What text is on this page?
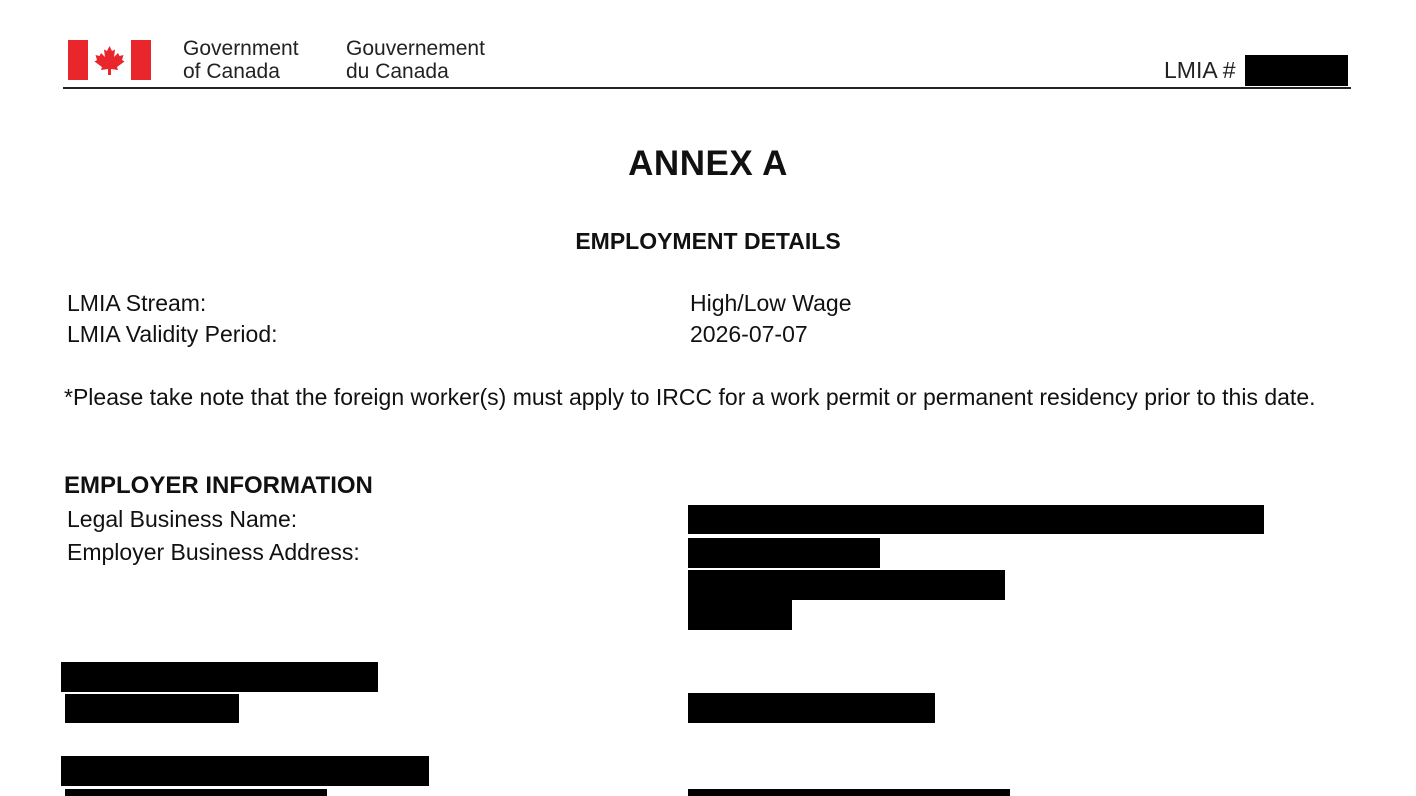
Government
of Canada
Gouvernement
du Canada	LMIA #
ANNEX A
EMPLOYMENT DETAILS
LMIA Stream:	High/Low Wage
LMIA Validity Period:	2026-07-07
*Please take note that the foreign worker(s) must apply to IRCC for a work permit or permanent residency prior to this date.
EMPLOYER INFORMATION
Legal Business Name:
Employer Business Address:
